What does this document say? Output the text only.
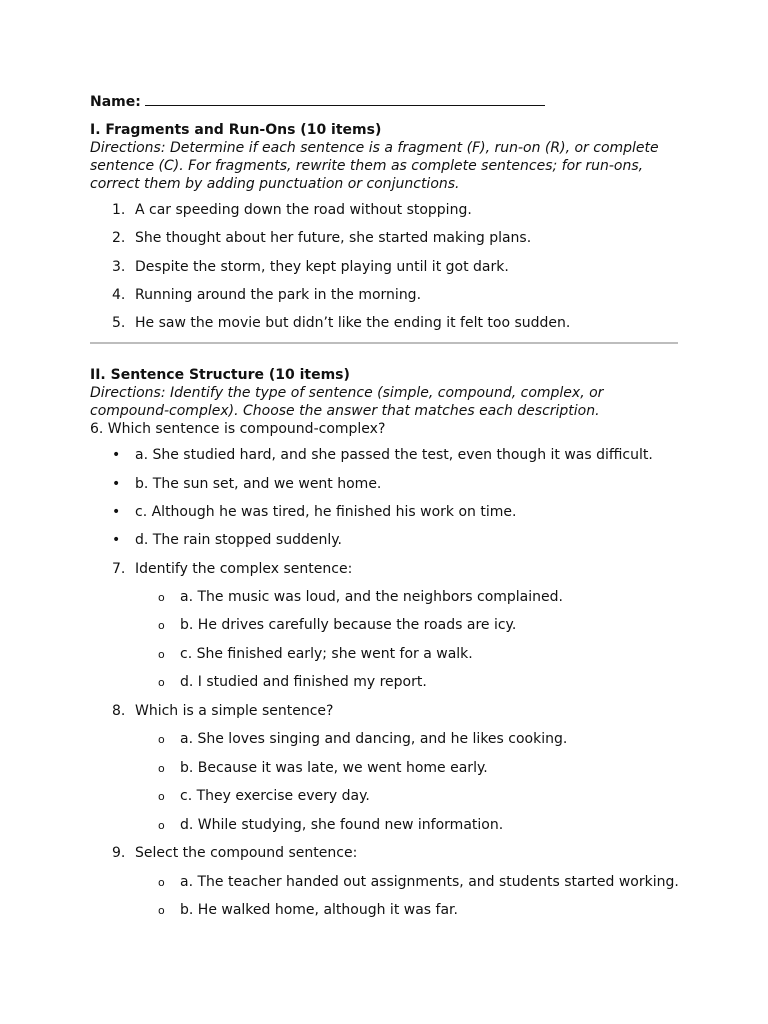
Name:
I. Fragments and Run-Ons (10 items)
Directions: Determine if each sentence is a fragment (F), run-on (R), or complete sentence (C). For fragments, rewrite them as complete sentences; for run-ons, correct them by adding punctuation or conjunctions.
1. A car speeding down the road without stopping.
2. She thought about her future, she started making plans.
3. Despite the storm, they kept playing until it got dark.
4. Running around the park in the morning.
5. He saw the movie but didn’t like the ending it felt too sudden.
II. Sentence Structure (10 items)
Directions: Identify the type of sentence (simple, compound, complex, or compound-complex). Choose the answer that matches each description.
6. Which sentence is compound-complex?
• a. She studied hard, and she passed the test, even though it was difficult.
• b. The sun set, and we went home.
• c. Although he was tired, he finished his work on time.
• d. The rain stopped suddenly.
7. Identify the complex sentence:
o a. The music was loud, and the neighbors complained.
o b. He drives carefully because the roads are icy.
o c. She finished early; she went for a walk.
o d. I studied and finished my report.
8. Which is a simple sentence?
o a. She loves singing and dancing, and he likes cooking.
o b. Because it was late, we went home early.
o c. They exercise every day.
o d. While studying, she found new information.
9. Select the compound sentence:
o a. The teacher handed out assignments, and students started working.
o b. He walked home, although it was far.
